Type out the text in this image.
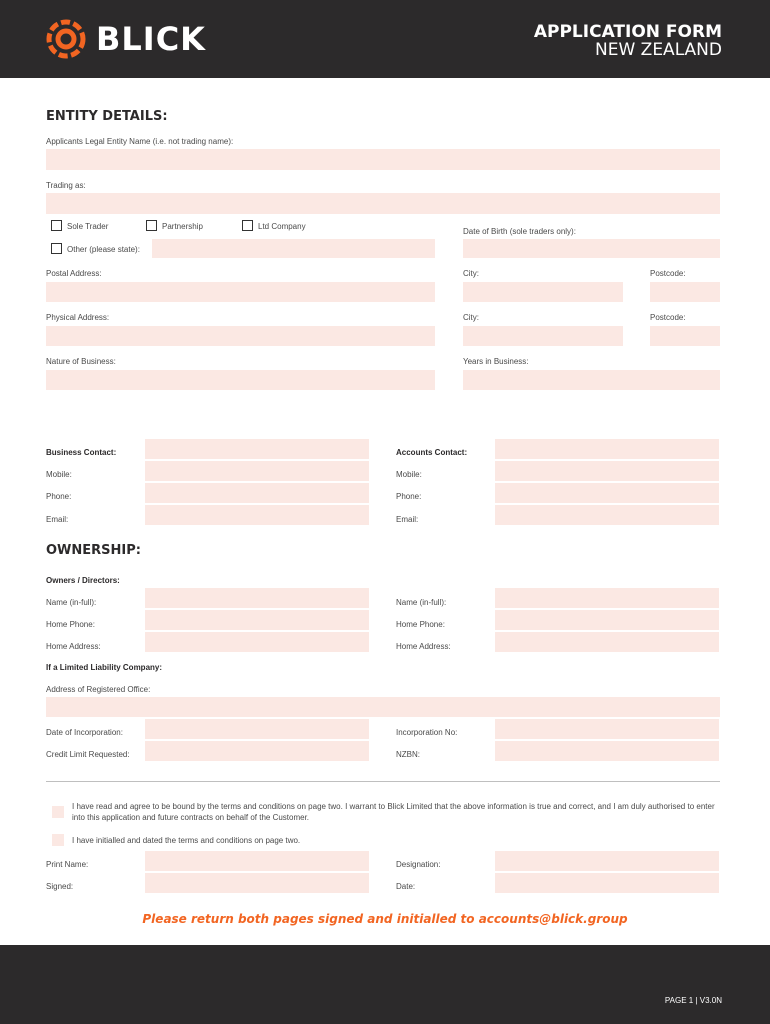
BLICK	APPLICATION FORM
NEW ZEALAND
ENTITY DETAILS:
Applicants Legal Entity Name (i.e. not trading name):
Trading as:
Sole Trader	Partnership	Ltd Company
Date of Birth (sole traders only):
Other (please state):
Postal Address:	City:	Postcode:
Physical Address:	City:	Postcode:
Nature of Business:	Years in Business:
Business Contact:	Accounts Contact:
Mobile:	Mobile:
Phone:	Phone:
Email:	Email:
OWNERSHIP:
Owners / Directors:
Name (in-full):	Name (in-full):
Home Phone:	Home Phone:
Home Address:	Home Address:
If a Limited Liability Company:
Address of Registered Office:
Date of Incorporation:	Incorporation No:
Credit Limit Requested:	NZBN:
I have read and agree to be bound by the terms and conditions on page two. I warrant to Blick Limited that the above information is true and correct, and I am duly authorised to enter into this application and future contracts on behalf of the Customer.
I have initialled and dated the terms and conditions on page two.
Print Name:	Designation:
Signed:	Date:
Please return both pages signed and initialled to accounts@blick.group
PAGE 1 | V3.0N
